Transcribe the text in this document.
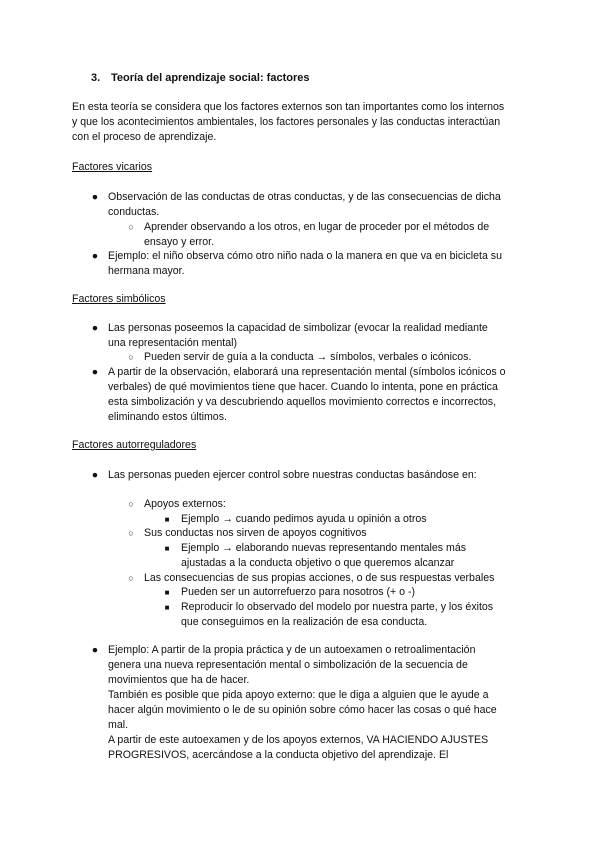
3. Teoría del aprendizaje social: factores
En esta teoría se considera que los factores externos son tan importantes como los internos
y que los acontecimientos ambientales, los factores personales y las conductas interactúan
con el proceso de aprendizaje.
Factores vicarios
● Observación de las conductas de otras conductas, y de las consecuencias de dicha
conductas.
○ Aprender observando a los otros, en lugar de proceder por el métodos de
ensayo y error.
● Ejemplo: el niño observa cómo otro niño nada o la manera en que va en bicicleta su
hermana mayor.
Factores simbólicos
● Las personas poseemos la capacidad de simbolizar (evocar la realidad mediante
una representación mental)
○ Pueden servir de guía a la conducta → símbolos, verbales o icónicos.
● A partir de la observación, elaborará una representación mental (símbolos icónicos o
verbales) de qué movimientos tiene que hacer. Cuando lo intenta, pone en práctica
esta simbolización y va descubriendo aquellos movimiento correctos e incorrectos,
eliminando estos últimos.
Factores autorreguladores
● Las personas pueden ejercer control sobre nuestras conductas basándose en:
○ Apoyos externos:
■	Ejemplo → cuando pedimos ayuda u opinión a otros
○ Sus conductas nos sirven de apoyos cognitivos
■	Ejemplo → elaborando nuevas representando mentales más
ajustadas a la conducta objetivo o que queremos alcanzar
○ Las consecuencias de sus propias acciones, o de sus respuestas verbales
■	Pueden ser un autorrefuerzo para nosotros (+ o -)
■	Reproducir lo observado del modelo por nuestra parte, y los éxitos
que conseguimos en la realización de esa conducta.
● Ejemplo: A partir de la propia práctica y de un autoexamen o retroalimentación
genera una nueva representación mental o simbolización de la secuencia de
movimientos que ha de hacer.
También es posible que pida apoyo externo: que le diga a alguien que le ayude a
hacer algún movimiento o le de su opinión sobre cómo hacer las cosas o qué hace
mal.
A partir de este autoexamen y de los apoyos externos, VA HACIENDO AJUSTES
PROGRESIVOS, acercándose a la conducta objetivo del aprendizaje. El
